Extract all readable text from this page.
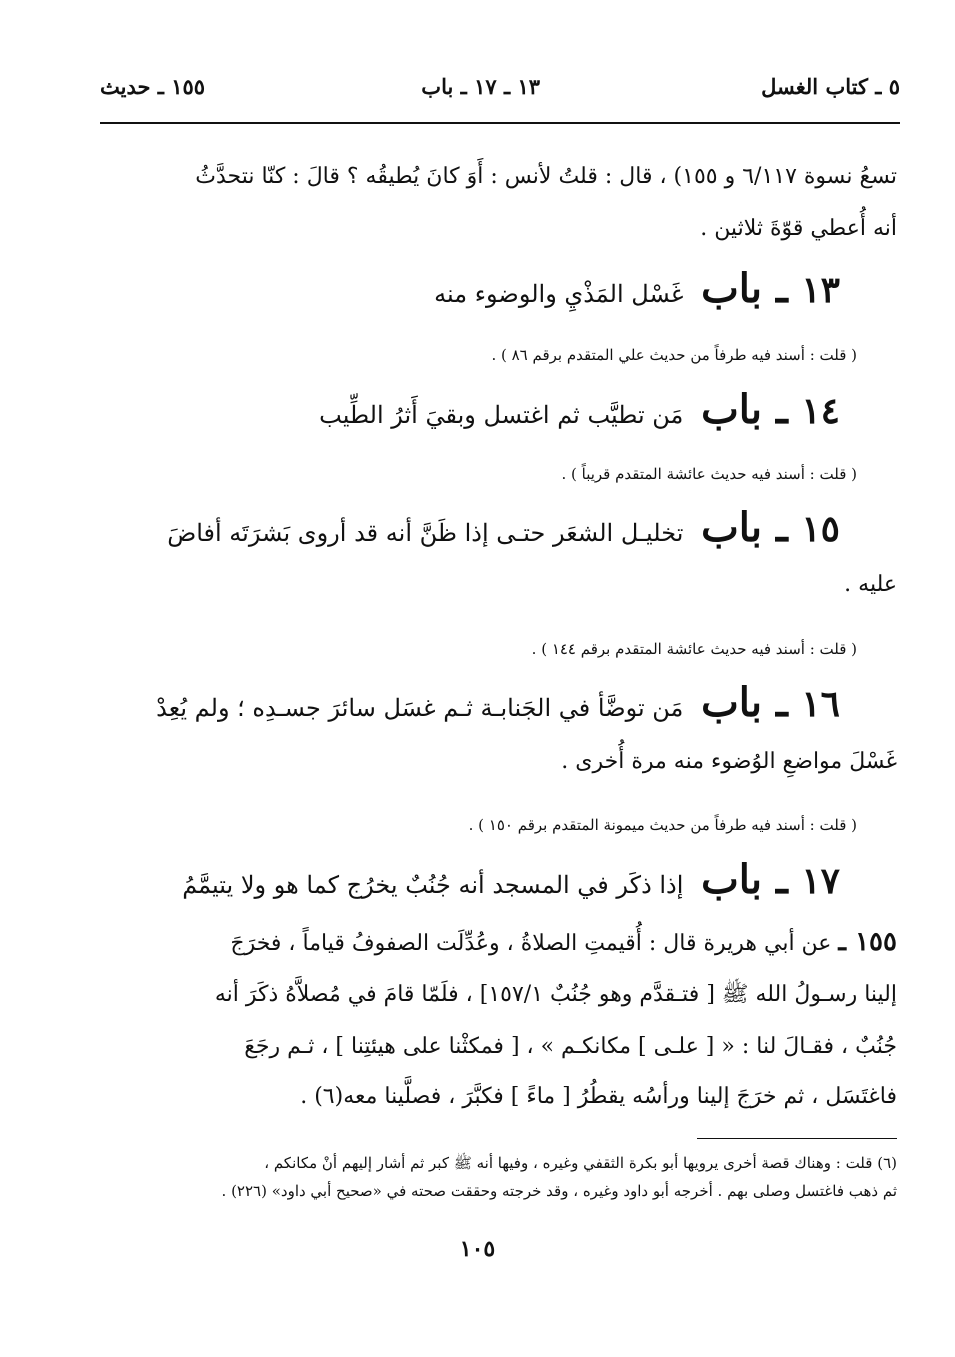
٥ ـ كتاب الغسل
١٣ ـ ١٧ ـ باب
١٥٥ ـ حديث
تسعُ نسوة ٦/١١٧ و ١٥٥) ، قال : قلتُ لأنس : أَوَ كانَ يُطيقُه ؟ قالَ : كنّا نتحدَّثُ
أنه أُعطي قوّةَ ثلاثين .
١٣ ـ باب غَسْل المَذْيِ والوضوء منه
( قلت : أسند فيه طرفاً من حديث علي المتقدم برقم ٨٦ ) .
١٤ ـ باب مَن تطيَّب ثم اغتسل وبقيَ أَثرُ الطِّيب
( قلت : أسند فيه حديث عائشة المتقدم قريباً ) .
١٥ ـ باب تخليـل الشعَر حتـى إذا ظَنَّ أنه قد أروى بَشرَتَه أفاضَ
عليه .
( قلت : أسند فيه حديث عائشة المتقدم برقم ١٤٤ ) .
١٦ ـ باب مَن توضَّأ في الجَنابـة ثـم غسَل سائرَ جسـدِه ؛ ولم يُعِدْ
غَسْلَ مواضعِ الوُضوء منه مرة أُخرى .
( قلت : أسند فيه طرفاً من حديث ميمونة المتقدم برقم ١٥٠ ) .
١٧ ـ باب إذا ذكَر في المسجد أنه جُنُبٌ يخرُج كما هو ولا يتيمَّمُ
١٥٥ ـ عن أبي هريرة قال : أُقيمتِ الصلاةُ ، وعُدِّلَت الصفوفُ قياماً ، فخرَجَ
إلينا رسـولُ الله ﷺ [ فتـقدَّم وهو جُنُبٌ ١٥٧/١] ، فلَمّا قامَ في مُصلاَّهُ ذكَرَ أنه
جُنُبٌ ، فقـالَ لنا : « [ علـى ] مكانكـم » ، [ فمكثْنا على هيئتِنا ] ، ثـم رجَعَ
فاغتَسَل ، ثم خرَجَ إلينا ورأسُه يقطُرُ [ ماءً ] فكبَّرَ ، فصلَّينا معه(٦) .
(٦) قلت : وهناك قصة أخرى يرويها أبو بكرة الثقفي وغيره ، وفيها أنه ﷺ كبر ثم أشار إليهم أنْ مكانكم ،
ثم ذهب فاغتسل وصلى بهم . أخرجه أبو داود وغيره ، وقد خرجته وحققت صحته في «صحيح أبي داود» (٢٢٦) .
١٠٥
